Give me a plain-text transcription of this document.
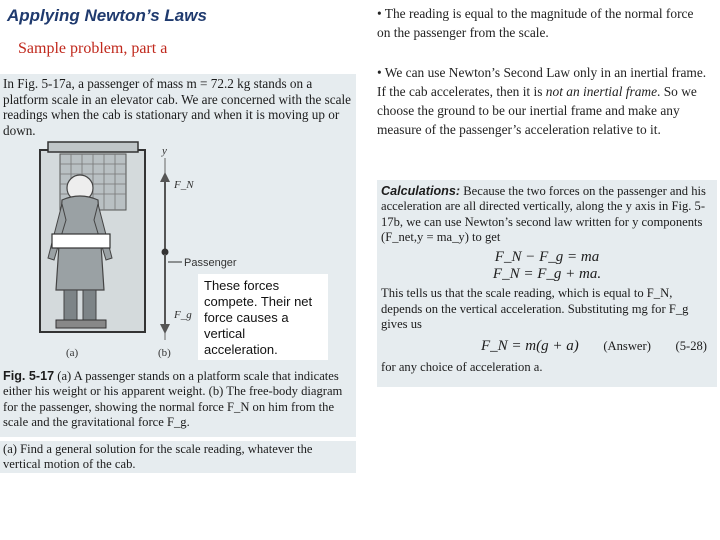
Applying Newton’s Laws
Sample problem, part a
In Fig. 5-17a, a passenger of mass m = 72.2 kg stands on a platform scale in an elevator cab. We are concerned with the scale readings when the cab is stationary and when it is moving up or down.
y
F_N
F_g
Passenger
(a)	(b)
These forces compete. Their net force causes a vertical acceleration.
Fig. 5-17 (a) A passenger stands on a platform scale that indicates either his weight or his apparent weight. (b) The free-body diagram for the passenger, showing the normal force F_N on him from the scale and the gravitational force F_g.
(a) Find a general solution for the scale reading, whatever the vertical motion of the cab.
• The reading is equal to the magnitude of the normal force on the passenger from the scale.
• We can use Newton’s Second Law only in an inertial frame. If the cab accelerates, then it is not an inertial frame. So we choose the ground to be our inertial frame and make any measure of the passenger’s acceleration relative to it.
Calculations: Because the two forces on the passenger and his acceleration are all directed vertically, along the y axis in Fig. 5-17b, we can use Newton’s second law written for y components (F_net,y = ma_y) to get
F_N − F_g = ma
F_N = F_g + ma.
This tells us that the scale reading, which is equal to F_N, depends on the vertical acceleration. Substituting mg for F_g gives us
F_N = m(g + a) (Answer) (5-28)
for any choice of acceleration a.
